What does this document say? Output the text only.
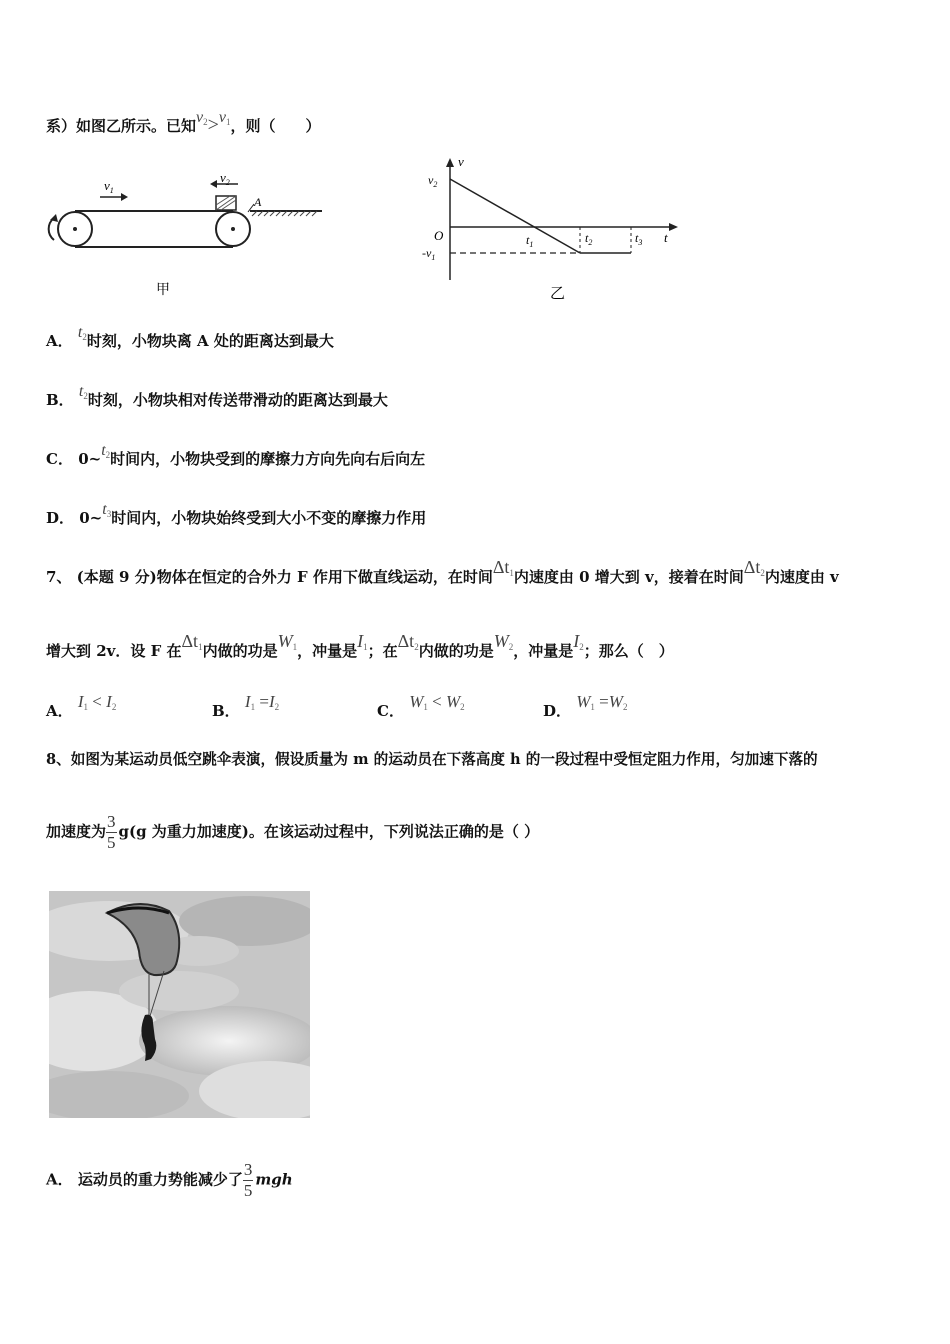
系）如图乙所示。已知$v_2>v_1$，则（　　）
A
$v_1$
$v_2$
甲
v
t
O
$v_2$
$-v_1$
$t_1$	$t_2$	$t_3$
乙
A． $t_2$时刻，小物块离 A 处的距离达到最大
B． $t_2$时刻，小物块相对传送带滑动的距离达到最大
C． $0\sim t_2$时间内，小物块受到的摩擦力方向先向右后向左
D． $0\sim t_3$时间内，小物块始终受到大小不变的摩擦力作用
7、 (本题 9 分)物体在恒定的合外力 F 作用下做直线运动，在时间$\Delta t_1$内速度由 0 增大到 v，接着在时间$\Delta t_2$内速度由 v
增大到 2v．设 F 在$\Delta t_1$内做的功是$W_1$，冲量是$I_1$；在$\Delta t_2$内做的功是$W_2$，冲量是$I_2$；那么（　）
A． $I_1 < I_2$	B． $I_1 =I_2$	C． $W_1 < W_2$	D． $W_1 =W_2$
8、如图为某运动员低空跳伞表演，假设质量为 m 的运动员在下落高度 h 的一段过程中受恒定阻力作用，匀加速下落的
加速度为 $\frac{3}{5} g(g$ 为重力加速度)。在该运动过程中，下列说法正确的是（ ）
A． 运动员的重力势能减少了 $\frac{3}{5}$ mgh
